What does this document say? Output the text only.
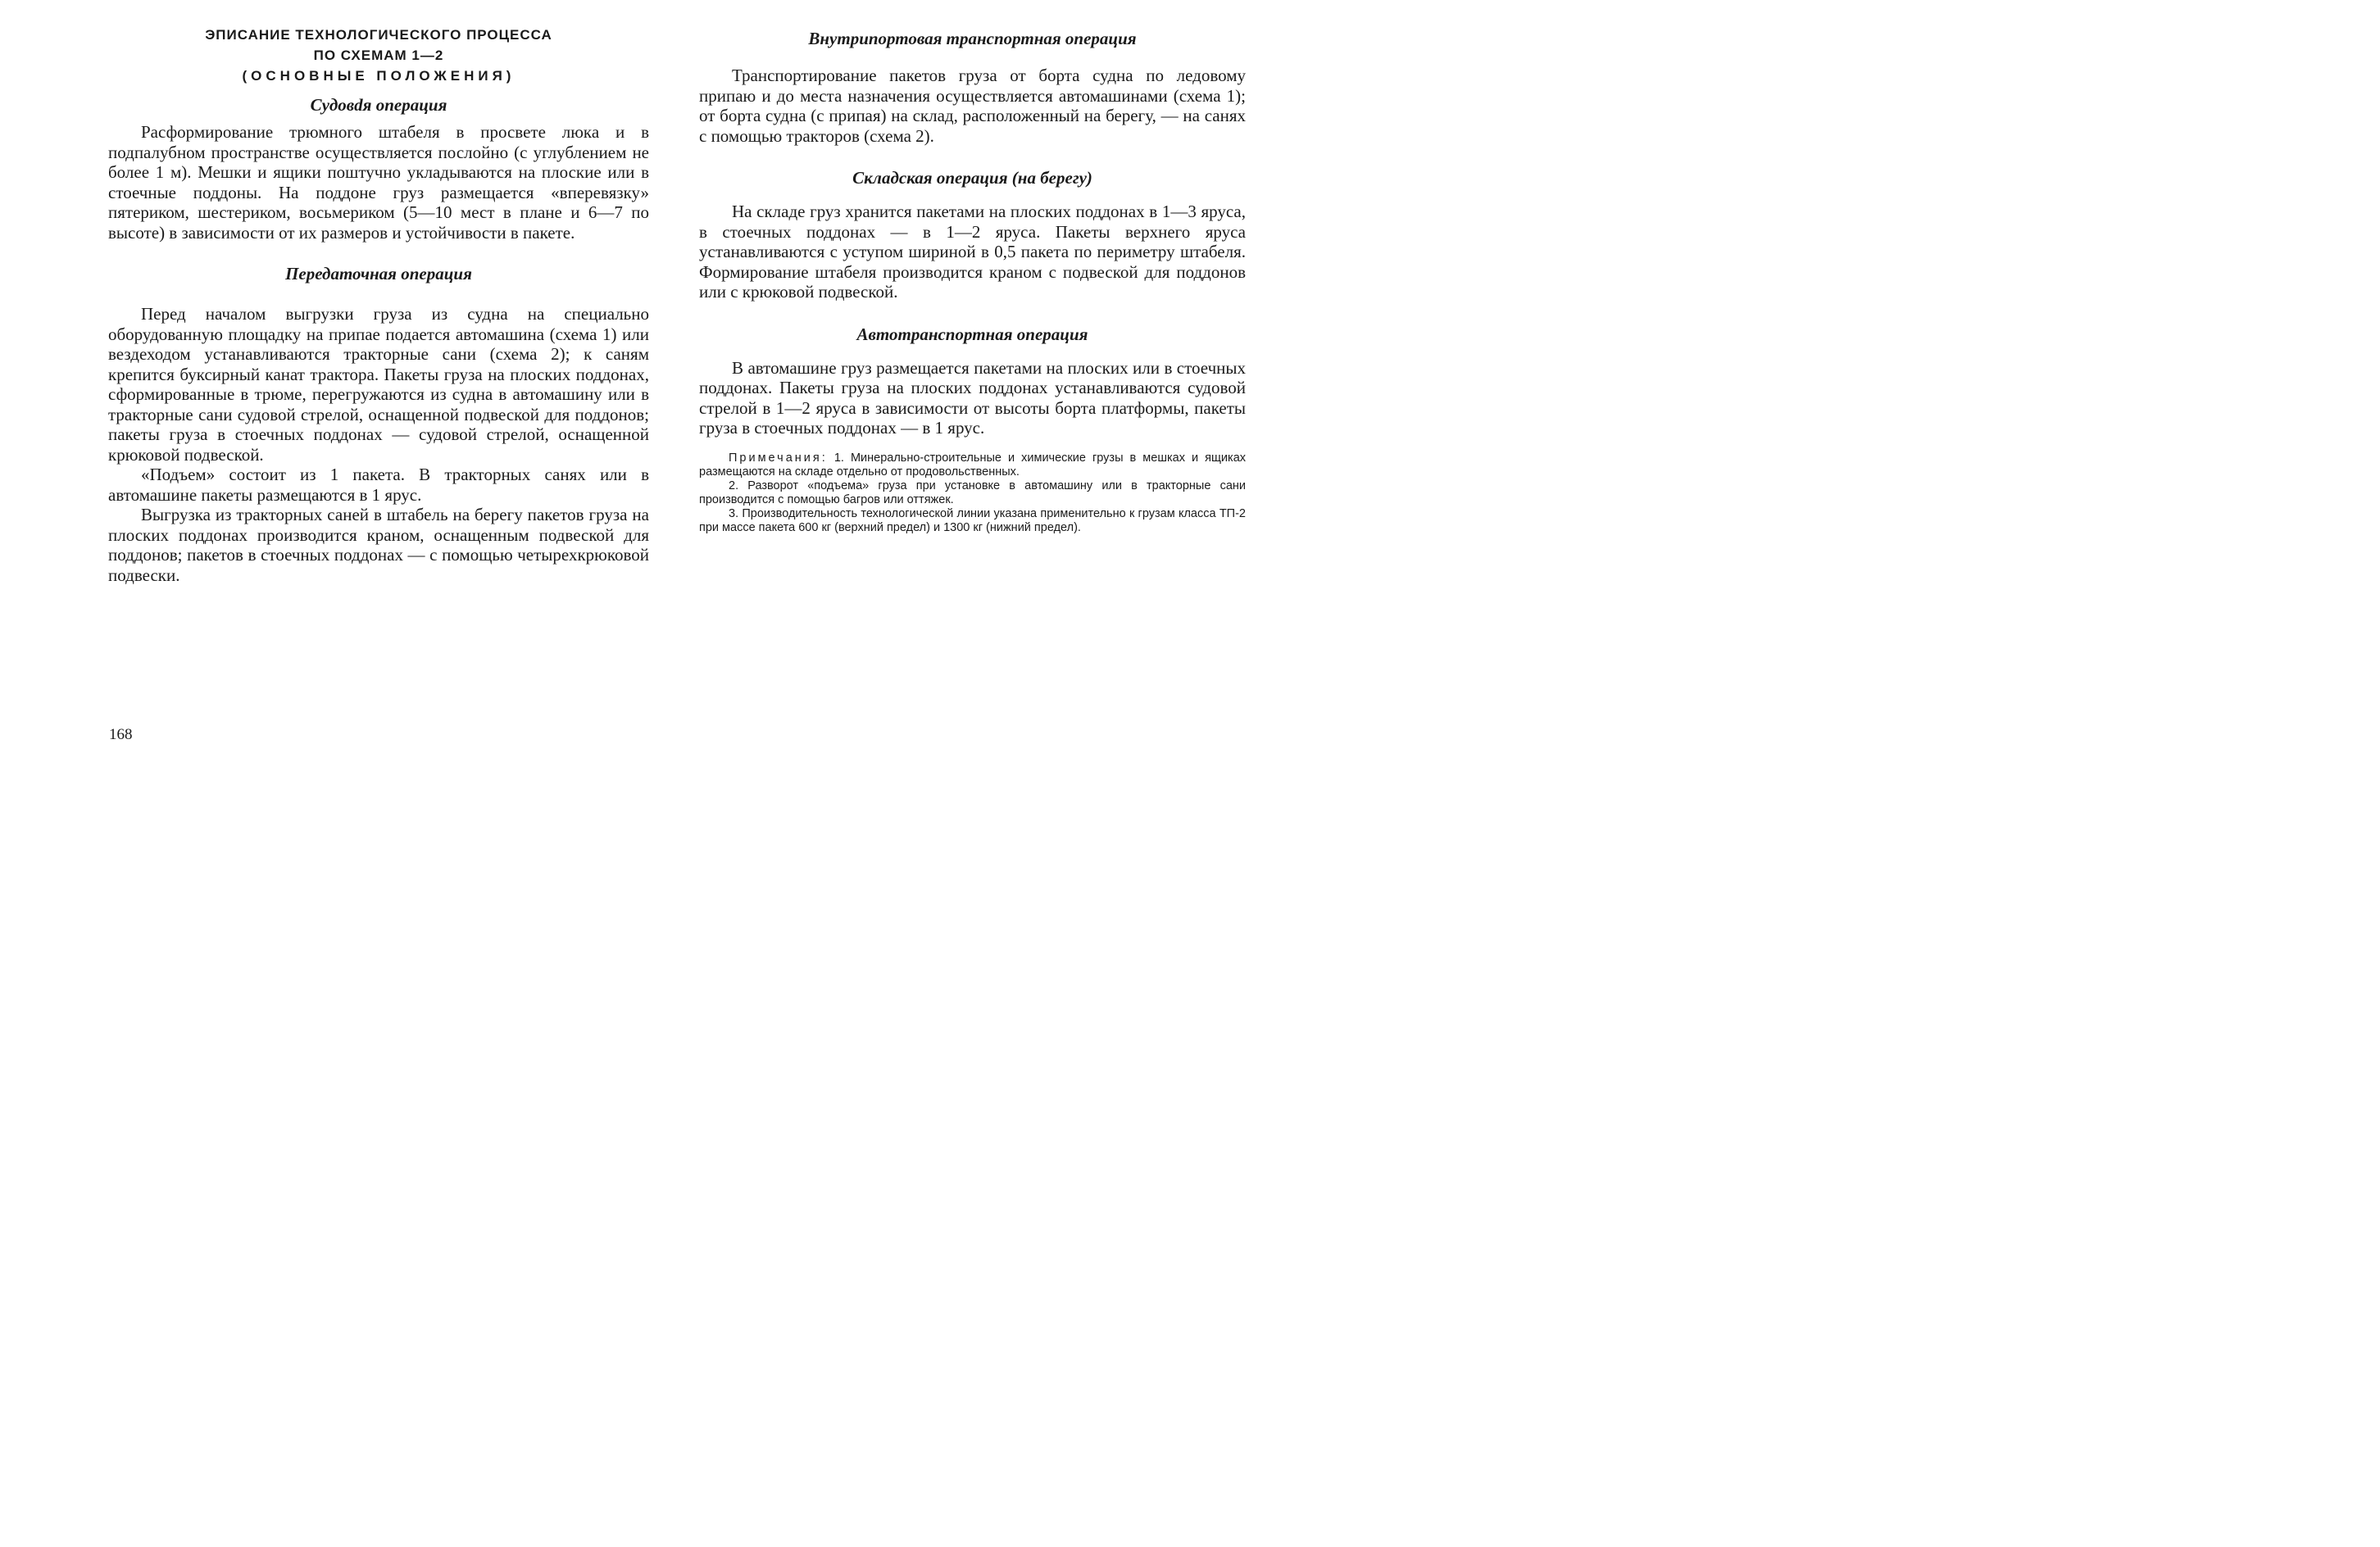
ЭПИСАНИЕ ТЕХНОЛОГИЧЕСКОГО ПРОЦЕССА
ПО СХЕМАМ 1—2
(ОСНОВНЫЕ ПОЛОЖЕНИЯ)
Судовdя операция

Расформирование трюмного штабеля в просвете люка и в подпалубном пространстве осуществляется послойно (с углублением не более 1 м). Мешки и ящики поштучно укладываются на плоские или в стоечные поддоны. На поддоне груз размещается «вперевязку» пятериком, шестериком, восьмериком (5—10 мест в плане и 6—7 по высоте) в зависимости от их размеров и устойчивости в пакете.

Передаточная операция

Перед началом выгрузки груза из судна на специально оборудованную площадку на припае подается автомашина (схема 1) или вездеходом устанавливаются тракторные сани (схема 2); к саням крепится буксирный канат трактора. Пакеты груза на плоских поддонах, сформированные в трюме, перегружаются из судна в автомашину или в тракторные сани судовой стрелой, оснащенной подвеской для поддонов; пакеты груза в стоечных поддонах — судовой стрелой, оснащенной крюковой подвеской.

«Подъем» состоит из 1 пакета. В тракторных санях или в автомашине пакеты размещаются в 1 ярус.

Выгрузка из тракторных саней в штабель на берегу пакетов груза на плоских поддонах производится краном, оснащенным подвеской для поддонов; пакетов в стоечных поддонах — с помощью четырехкрюковой подвески.

168
Внутрипортовая транспортная операция

Транспортирование пакетов груза от борта судна по ледовому припаю и до места назначения осуществляется автомашинами (схема 1); от борта судна (с припая) на склад, расположенный на берегу, — на санях с помощью тракторов (схема 2).

Складская операция (на берегу)

На складе груз хранится пакетами на плоских поддонах в 1—3 яруса, в стоечных поддонах — в 1—2 яруса. Пакеты верхнего яруса устанавливаются с уступом шириной в 0,5 пакета по периметру штабеля. Формирование штабеля производится краном с подвеской для поддонов или с крюковой подвеской.

Автотранспортная операция

В автомашине груз размещается пакетами на плоских или в стоечных поддонах. Пакеты груза на плоских поддонах устанавливаются судовой стрелой в 1—2 яруса в зависимости от высоты борта платформы, пакеты груза в стоечных поддонах — в 1 ярус.

Примечания: 1. Минерально-строительные и химические грузы в мешках и ящиках размещаются на складе отдельно от продовольственных.

2. Разворот «подъема» груза при установке в автомашину или в тракторные сани производится с помощью багров или оттяжек.

3. Производительность технологической линии указана применительно к грузам класса ТП-2 при массе пакета 600 кг (верхний предел) и 1300 кг (нижний предел).
